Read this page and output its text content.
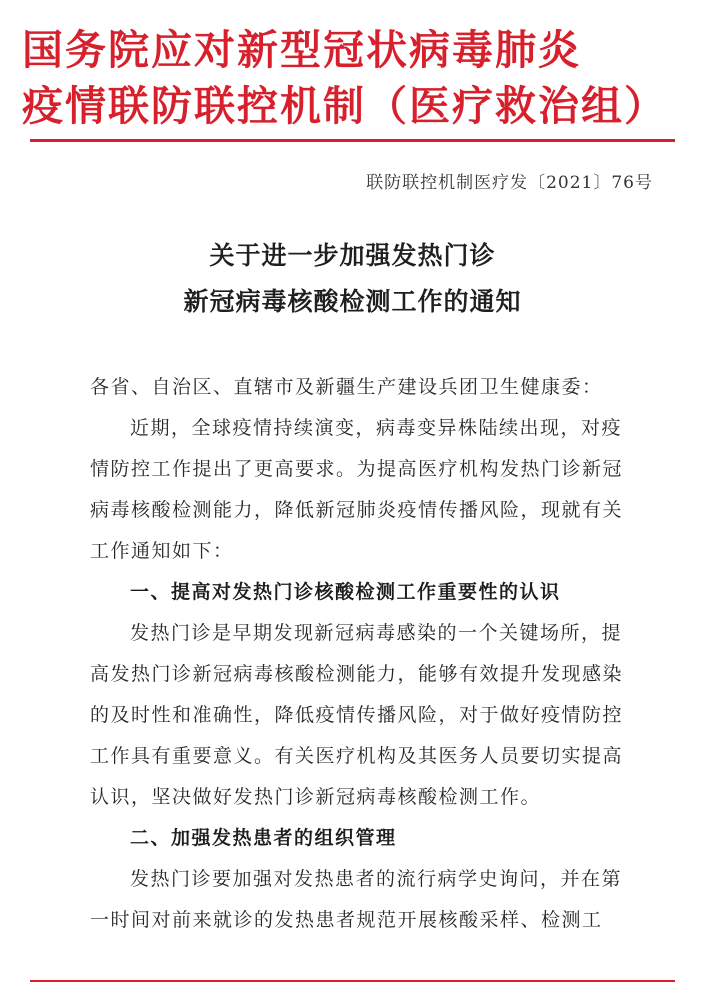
国务院应对新型冠状病毒肺炎
疫情联防联控机制（医疗救治组）
联防联控机制医疗发〔2021〕76号
关于进一步加强发热门诊
新冠病毒核酸检测工作的通知
各省、自治区、直辖市及新疆生产建设兵团卫生健康委：
近期，全球疫情持续演变，病毒变异株陆续出现，对疫
情防控工作提出了更高要求。为提高医疗机构发热门诊新冠
病毒核酸检测能力，降低新冠肺炎疫情传播风险，现就有关
工作通知如下：
一、提高对发热门诊核酸检测工作重要性的认识
发热门诊是早期发现新冠病毒感染的一个关键场所，提
高发热门诊新冠病毒核酸检测能力，能够有效提升发现感染
的及时性和准确性，降低疫情传播风险，对于做好疫情防控
工作具有重要意义。有关医疗机构及其医务人员要切实提高
认识，坚决做好发热门诊新冠病毒核酸检测工作。
二、加强发热患者的组织管理
发热门诊要加强对发热患者的流行病学史询问，并在第
一时间对前来就诊的发热患者规范开展核酸采样、检测工
